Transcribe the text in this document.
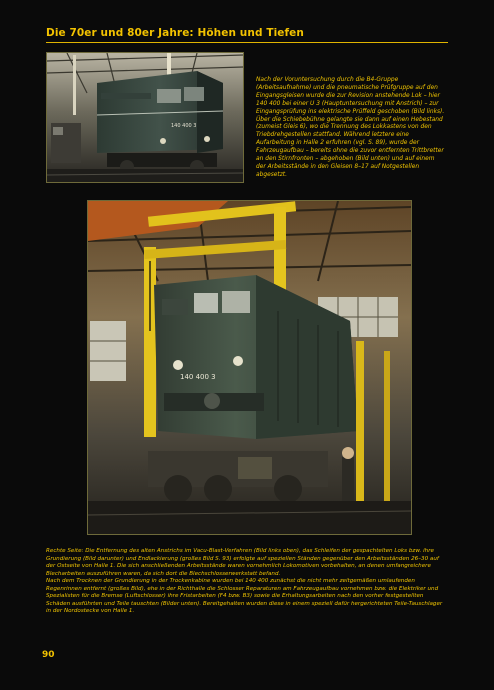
Die 70er und 80er Jahre: Höhen und Tiefen
140 400 3
Nach der Voruntersuchung durch die B4-Gruppe (Arbeitsaufnahme) und die pneumatische Prüfgruppe auf den Eingangsgleisen wurde die zur Revision anstehende Lok – hier 140 400 bei einer U 3 (Hauptuntersuchung mit Anstrich) – zur Eingangsprüfung ins elektrische Prüffeld geschoben (Bild links). Über die Schiebebühne gelangte sie dann auf einen Hebestand (zumeist Gleis 6), wo die Trennung des Lokkastens von den Triebdrehgestellen stattfand. Während letztere eine Aufarbeitung in Halle 2 erfuhren (vgl. S. 89), wurde der Fahrzeugaufbau – bereits ohne die zuvor entfernten Trittbretter an den Stirnfronten – abgehoben (Bild unten) und auf einem der Arbeitsstände in den Gleisen 8–17 auf Notgestellen abgesetzt.
140 400 3

Rechte Seite: Die Entfernung des alten Anstrichs im Vacu-Blast-Verfahren (Bild links oben), das Schleifen der gespachtelten Loks bzw. ihre Grundierung (Bild darunter) und Endlackierung (großes Bild S. 93) erfolgte auf speziellen Ständen gegenüber den Arbeitsständen 26–30 auf der Ostseite von Halle 1. Die sich anschließenden Arbeitsstände waren vornehmlich Lokomotiven vorbehalten, an denen umfangreichere Blecharbeiten auszuführen waren, da sich dort die Blechschlosserwerkstatt befand.

Nach dem Trocknen der Grundierung in der Trockenkabine wurden bei 140 400 zunächst die nicht mehr zeitgemäßen umlaufenden Regenrinnen entfernt (großes Bild), ehe in der Richthalle die Schlosser Reparaturen am Fahrzeugaufbau vornehmen bzw. die Elektriker und Spezialisten für die Bremse (Luftschlosser) ihre Fristarbeiten (F4 bzw. B3) sowie die Erhaltungsarbeiten nach den vorher festgestellten Schäden ausführten und Teile tauschten (Bilder unten). Bereitgehalten wurden diese in einem speziell dafür hergerichteten Teile-Tauschlager in der Nordostecke von Halle 1.

90
